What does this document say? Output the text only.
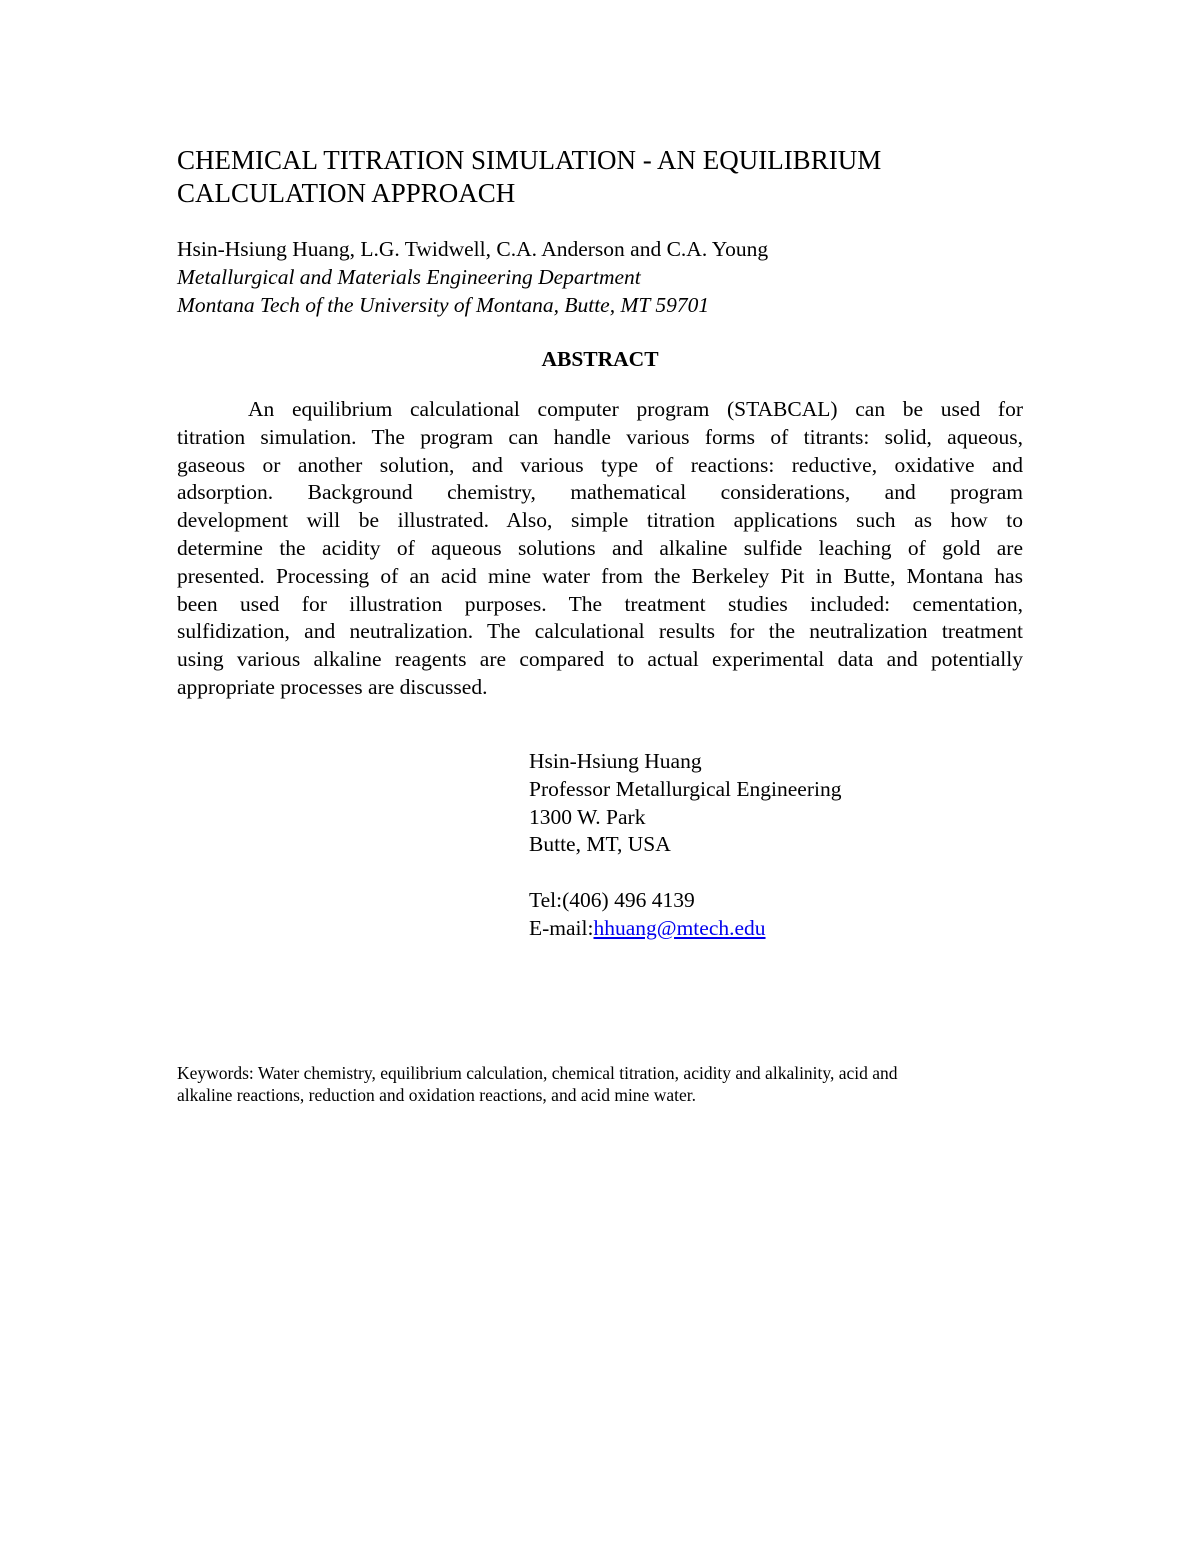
CHEMICAL TITRATION SIMULATION - AN EQUILIBRIUM
CALCULATION APPROACH
Hsin-Hsiung Huang, L.G. Twidwell, C.A. Anderson and C.A. Young
Metallurgical and Materials Engineering Department
Montana Tech of the University of Montana, Butte, MT 59701
ABSTRACT
An equilibrium calculational computer program (STABCAL) can be used for
titration simulation. The program can handle various forms of titrants: solid, aqueous,
gaseous or another solution, and various type of reactions: reductive, oxidative and
adsorption. Background chemistry, mathematical considerations, and program
development will be illustrated. Also, simple titration applications such as how to
determine the acidity of aqueous solutions and alkaline sulfide leaching of gold are
presented. Processing of an acid mine water from the Berkeley Pit in Butte, Montana has
been used for illustration purposes. The treatment studies included: cementation,
sulfidization, and neutralization. The calculational results for the neutralization treatment
using various alkaline reagents are compared to actual experimental data and potentially
appropriate processes are discussed.
Hsin-Hsiung Huang
Professor Metallurgical Engineering
1300 W. Park
Butte, MT, USA
Tel:(406) 496 4139
E-mail:hhuang@mtech.edu
Keywords: Water chemistry, equilibrium calculation, chemical titration, acidity and alkalinity, acid and
alkaline reactions, reduction and oxidation reactions, and acid mine water.
